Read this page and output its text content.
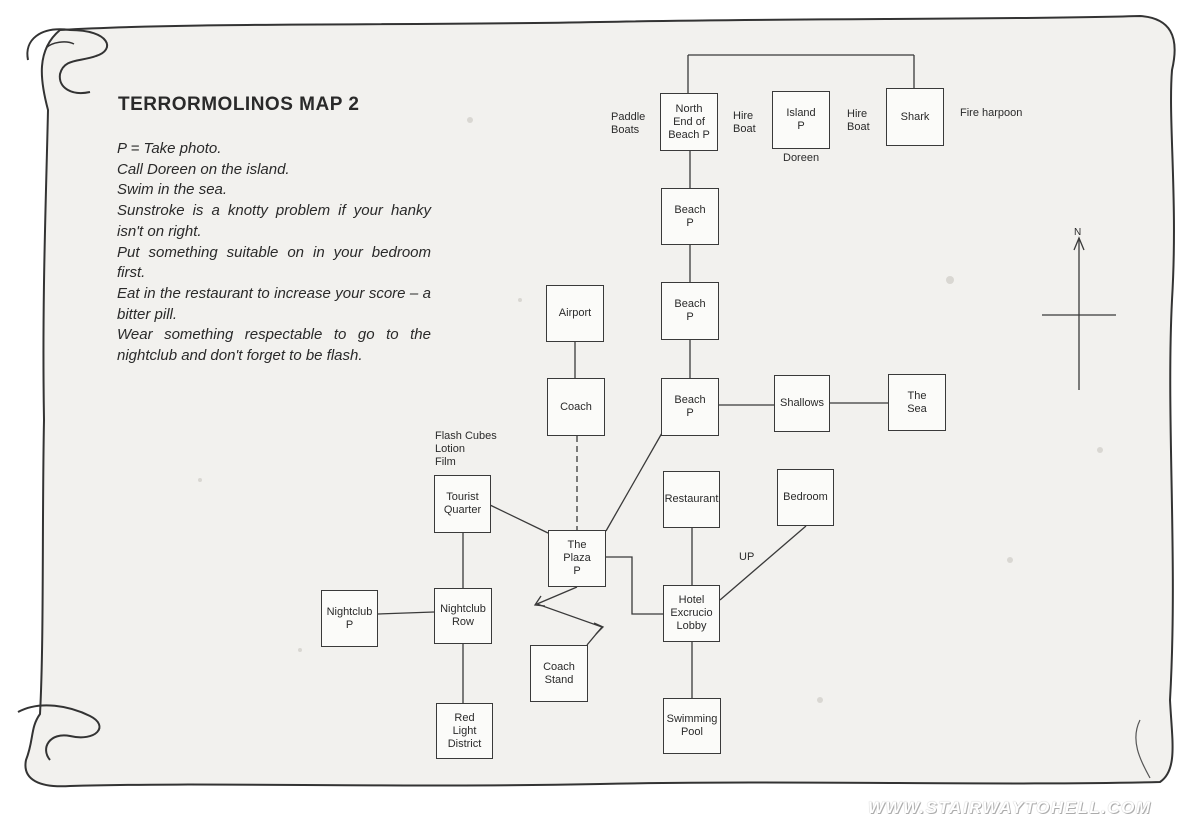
TERRORMOLINOS MAP 2
P = Take photo.
Call Doreen on the island.
Swim in the sea.
Sunstroke is a knotty problem if your hanky isn't on right.
Put something suitable on in your bedroom first.
Eat in the restaurant to increase your score – a bitter pill.
Wear something respectable to go to the nightclub and don't forget to be flash.
North
End of
Beach P
Island
P
Shark
Beach
P
Beach
P
Beach
P
Airport
Coach	Shallows
The
Sea
Tourist
Quarter
Restaurant	Bedroom
The
Plaza
P
Nightclub
P
Nightclub
Row
Hotel
Excrucio
Lobby
Coach
Stand
Red
Light
District
Swimming
Pool
Paddle
Boats
Hire
Boat
Hire
Boat
Fire harpoon
Doreen
Flash Cubes
Lotion
Film
UP
N
WWW.STAIRWAYTOHELL.COM
